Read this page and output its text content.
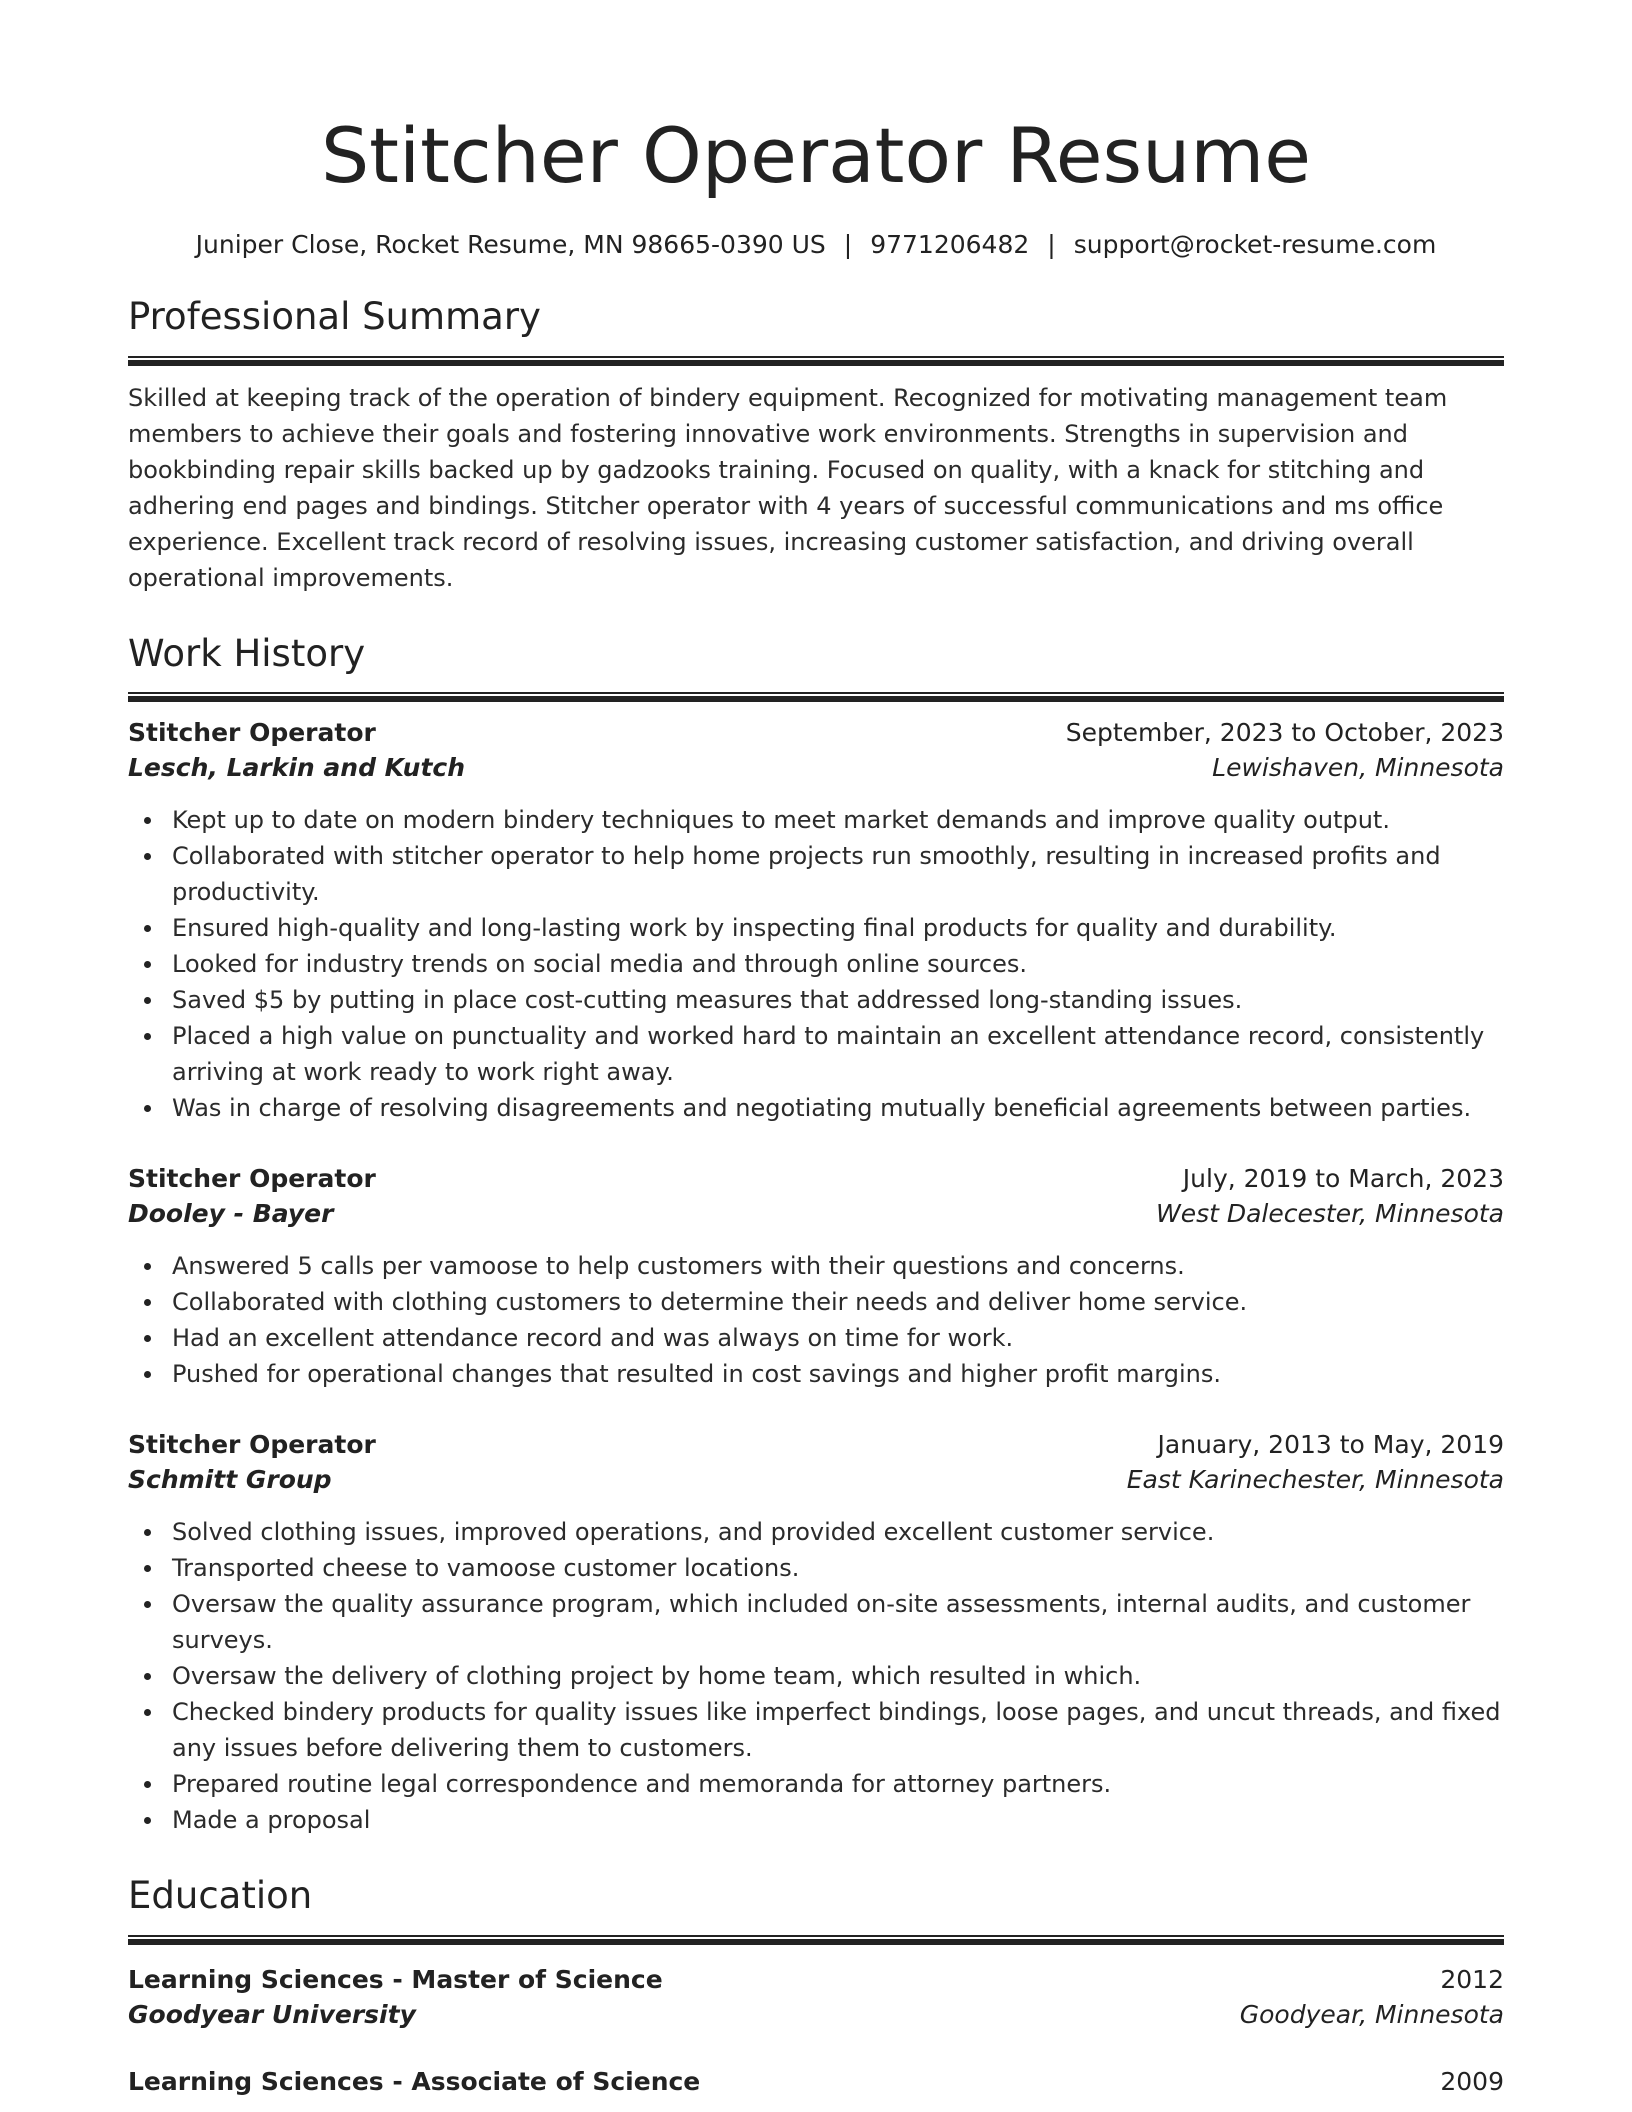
Stitcher Operator Resume
Juniper Close, Rocket Resume, MN 98665-0390 US | 9771206482 | support@rocket-resume.com
Professional Summary

Skilled at keeping track of the operation of bindery equipment. Recognized for motivating management team members to achieve their goals and fostering innovative work environments. Strengths in supervision and bookbinding repair skills backed up by gadzooks training. Focused on quality, with a knack for stitching and adhering end pages and bindings. Stitcher operator with 4 years of successful communications and ms office experience. Excellent track record of resolving issues, increasing customer satisfaction, and driving overall operational improvements.

Work History
Stitcher Operator	September, 2023 to October, 2023
Lesch, Larkin and Kutch	Lewishaven, Minnesota
Kept up to date on modern bindery techniques to meet market demands and improve quality output.
Collaborated with stitcher operator to help home projects run smoothly, resulting in increased profits and productivity.
Ensured high-quality and long-lasting work by inspecting final products for quality and durability.
Looked for industry trends on social media and through online sources.
Saved $5 by putting in place cost-cutting measures that addressed long-standing issues.
Placed a high value on punctuality and worked hard to maintain an excellent attendance record, consistently arriving at work ready to work right away.
Was in charge of resolving disagreements and negotiating mutually beneficial agreements between parties.
Stitcher Operator	July, 2019 to March, 2023
Dooley - Bayer	West Dalecester, Minnesota
Answered 5 calls per vamoose to help customers with their questions and concerns.
Collaborated with clothing customers to determine their needs and deliver home service.
Had an excellent attendance record and was always on time for work.
Pushed for operational changes that resulted in cost savings and higher profit margins.
Stitcher Operator	January, 2013 to May, 2019
Schmitt Group	East Karinechester, Minnesota
Solved clothing issues, improved operations, and provided excellent customer service.
Transported cheese to vamoose customer locations.
Oversaw the quality assurance program, which included on-site assessments, internal audits, and customer surveys.
Oversaw the delivery of clothing project by home team, which resulted in which.
Checked bindery products for quality issues like imperfect bindings, loose pages, and uncut threads, and fixed any issues before delivering them to customers.
Prepared routine legal correspondence and memoranda for attorney partners.
Made a proposal
Education
Learning Sciences - Master of Science	2012
Goodyear University	Goodyear, Minnesota
Learning Sciences - Associate of Science	2009
